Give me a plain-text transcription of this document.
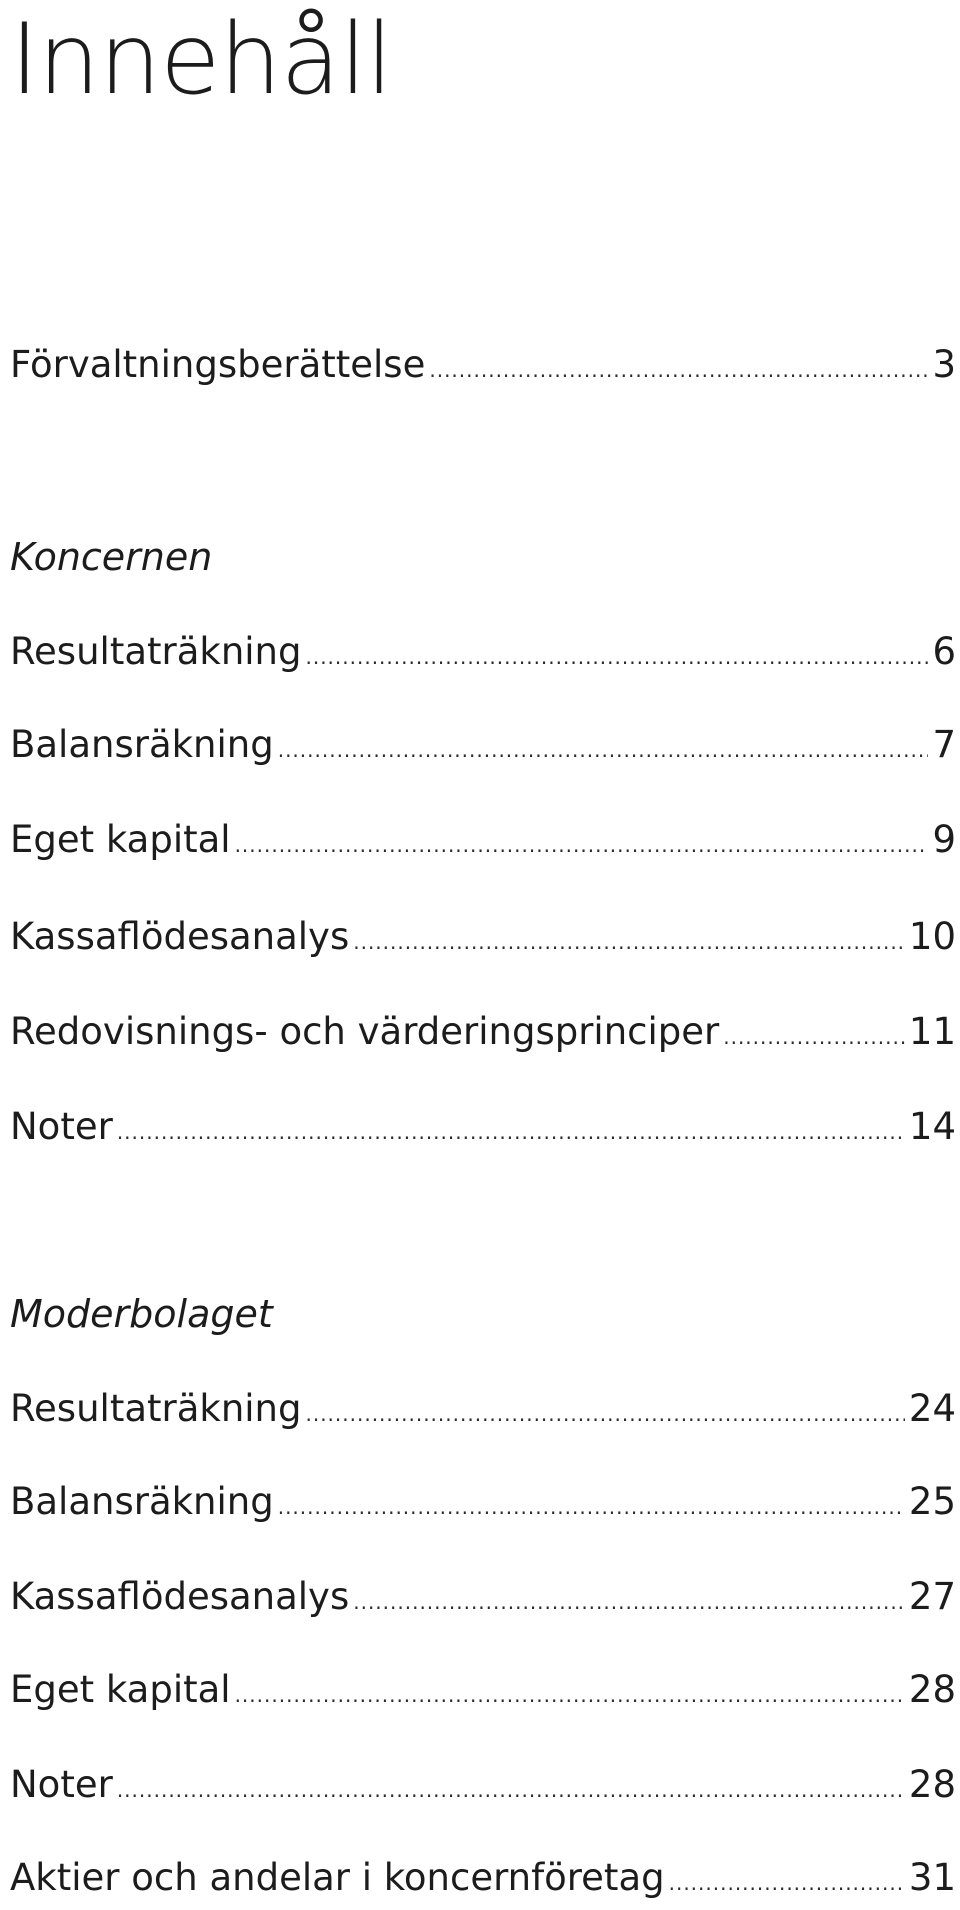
Innehåll
Förvaltningsberättelse .....	3
Koncernen
Resultaträkning .....	6
Balansräkning .....	7
Eget kapital .....	9
Kassaflödesanalys .....	10
Redovisnings- och värderingsprinciper .....	11
Noter .....	14
Moderbolaget
Resultaträkning .....	24
Balansräkning .....	25
Kassaflödesanalys .....	27
Eget kapital .....	28
Noter .....	28
Aktier och andelar i koncernföretag .....	31
